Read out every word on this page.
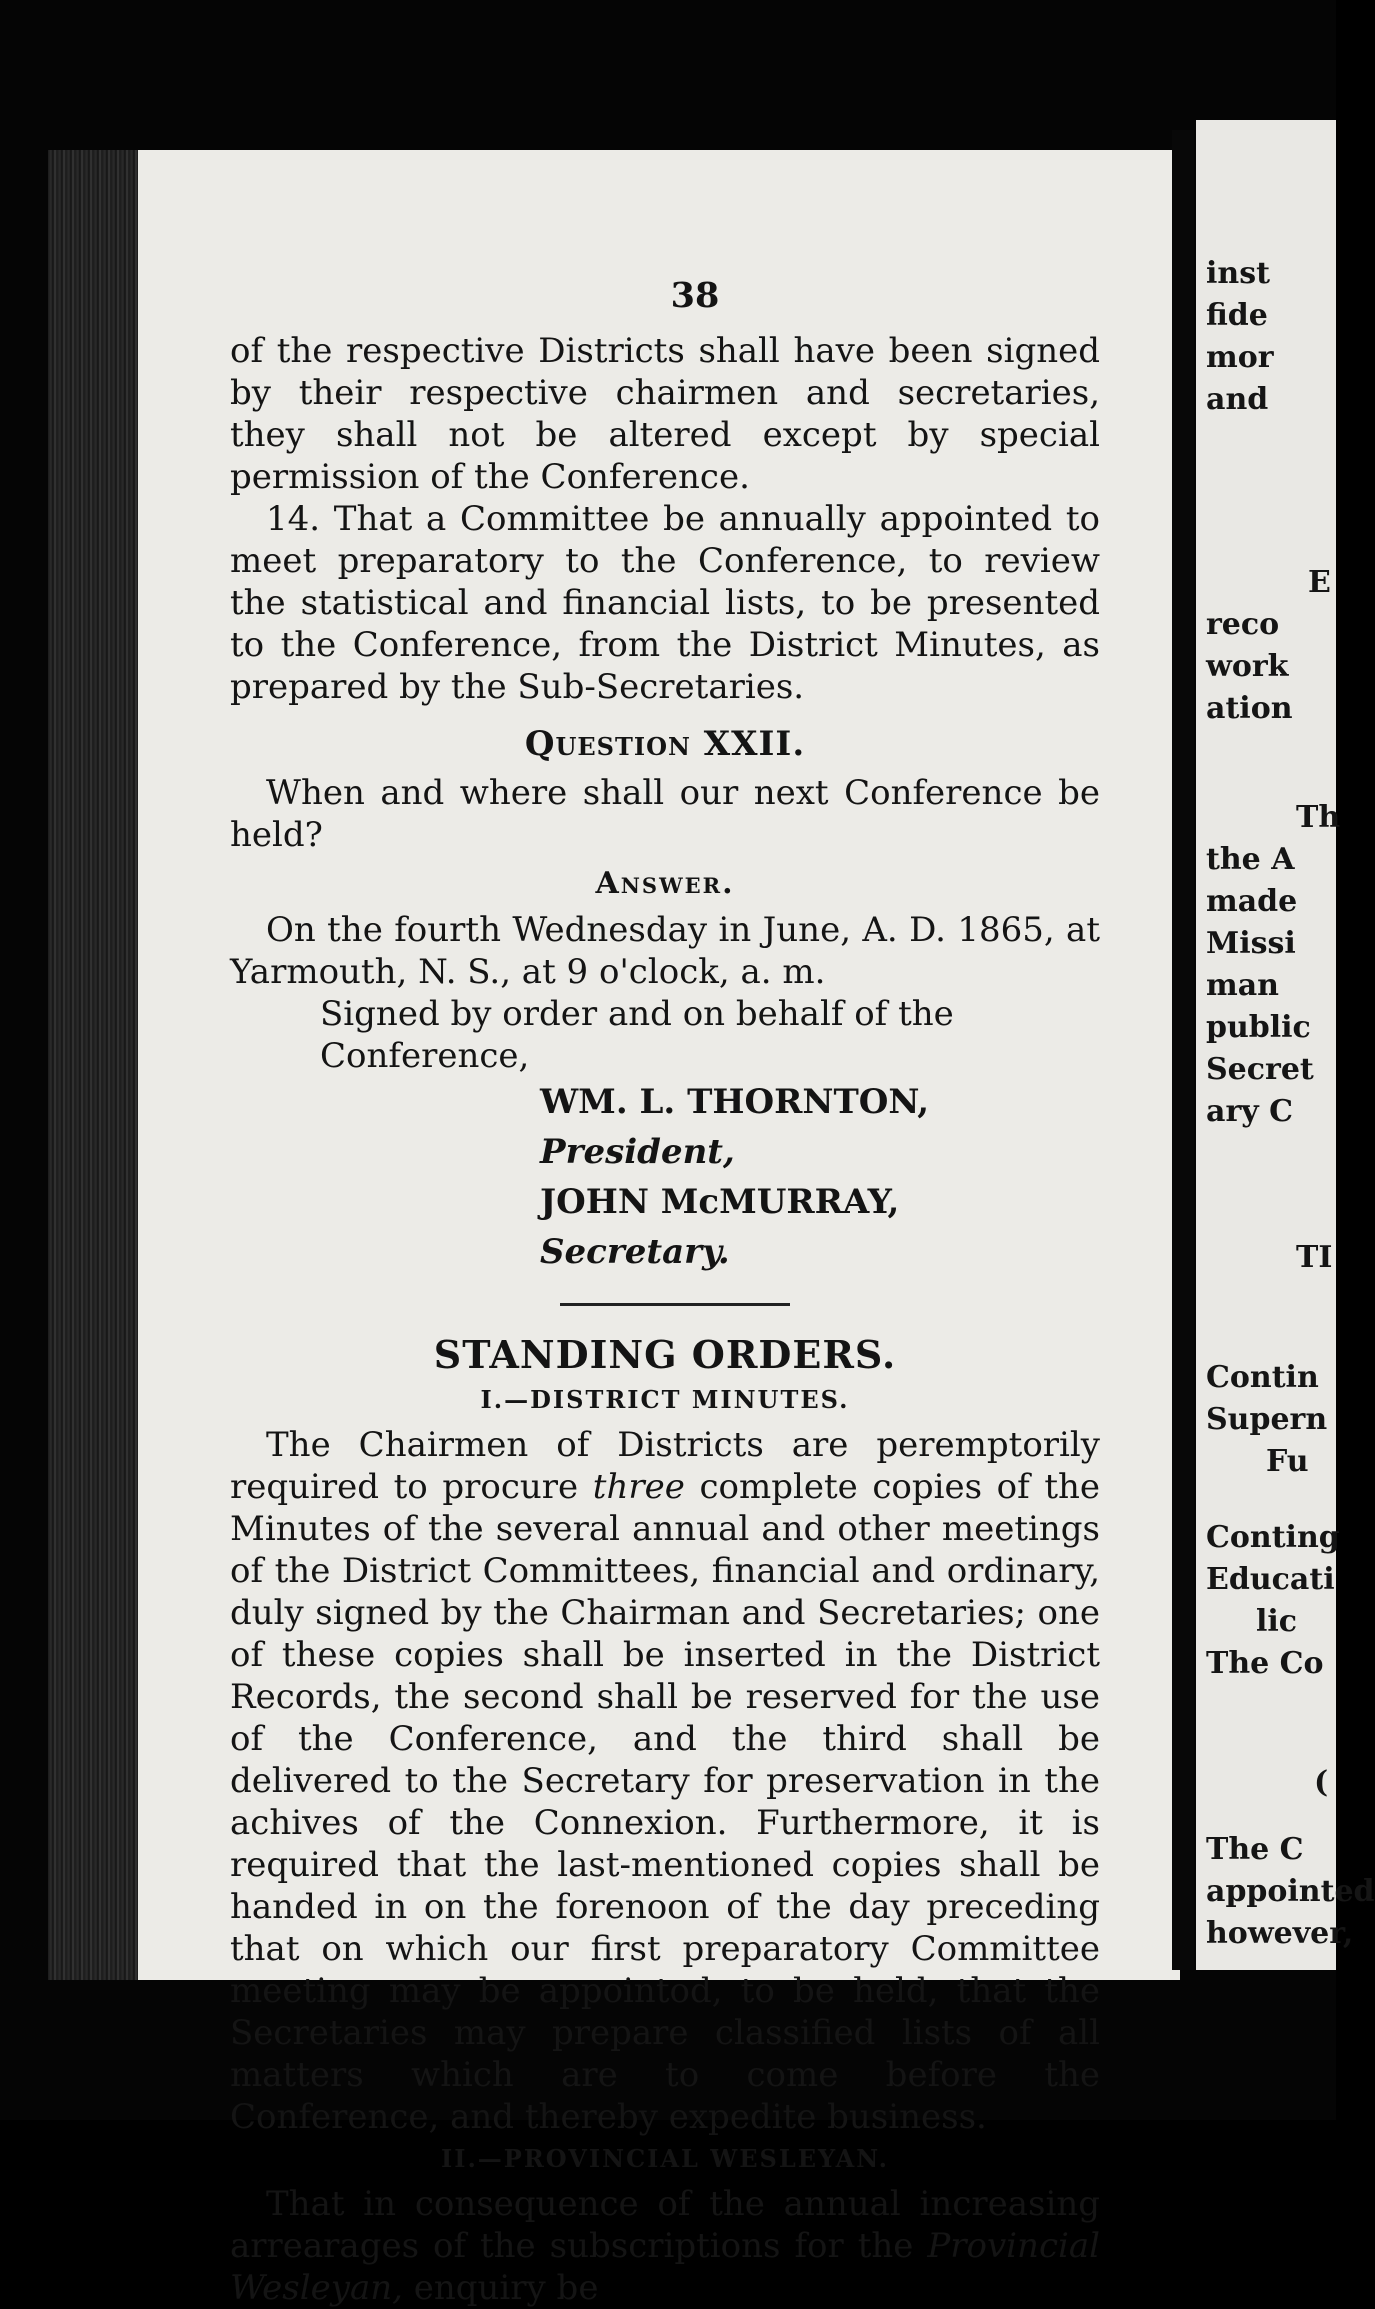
inst
fide
mor
and
E
reco
work
ation
Th
the A
made
Missi
man
public
Secret
ary C
TI
Contin
Supern
Fu
Conting
Educati
lic
The Co
(
The C
appointed
however,
38

of the respective Districts shall have been signed by their respective chairmen and secretaries, they shall not be altered except by special permission of the Conference.

14. That a Committee be annually appointed to meet preparatory to the Conference, to review the statistical and financial lists, to be presented to the Conference, from the District Minutes, as prepared by the Sub-Secretaries.

Question XXII.

When and where shall our next Conference be held?

Answer.

On the fourth Wednesday in June, A. D. 1865, at Yarmouth, N. S., at 9 o'clock, a. m.

Signed by order and on behalf of the Conference,
WM. L. THORNTON, President,
JOHN McMURRAY, Secretary.
STANDING ORDERS.
I.—DISTRICT MINUTES.

The Chairmen of Districts are peremptorily required to procure three complete copies of the Minutes of the several annual and other meetings of the District Committees, financial and ordinary, duly signed by the Chairman and Secretaries; one of these copies shall be inserted in the District Records, the second shall be reserved for the use of the Conference, and the third shall be delivered to the Secretary for preservation in the achives of the Connexion. Furthermore, it is required that the last-mentioned copies shall be handed in on the forenoon of the day preceding that on which our first preparatory Committee meeting may be appointod, to be held, that the Secretaries may prepare classified lists of all matters which are to come before the Conference, and thereby expedite business.

II.—PROVINCIAL WESLEYAN.

That in consequence of the annual increasing arrearages of the subscriptions for the Provincial Wesleyan, enquiry be
